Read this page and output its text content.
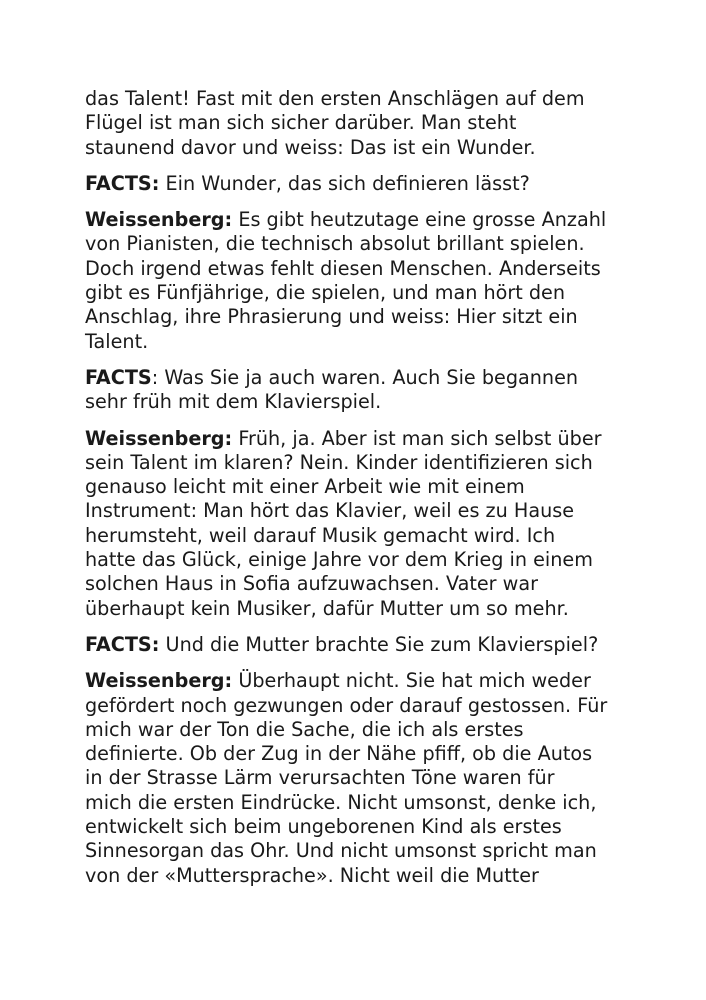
das Talent! Fast mit den ersten Anschlägen auf dem
Flügel ist man sich sicher darüber. Man steht
staunend davor und weiss: Das ist ein Wunder.

FACTS: Ein Wunder, das sich definieren lässt?

Weissenberg: Es gibt heutzutage eine grosse Anzahl
von Pianisten, die technisch absolut brillant spielen.
Doch irgend etwas fehlt diesen Menschen. Anderseits
gibt es Fünfjährige, die spielen, und man hört den
Anschlag, ihre Phrasierung und weiss: Hier sitzt ein
Talent.

FACTS: Was Sie ja auch waren. Auch Sie begannen
sehr früh mit dem Klavierspiel.

Weissenberg: Früh, ja. Aber ist man sich selbst über
sein Talent im klaren? Nein. Kinder identifizieren sich
genauso leicht mit einer Arbeit wie mit einem
Instrument: Man hört das Klavier, weil es zu Hause
herumsteht, weil darauf Musik gemacht wird. Ich
hatte das Glück, einige Jahre vor dem Krieg in einem
solchen Haus in Sofia aufzuwachsen. Vater war
überhaupt kein Musiker, dafür Mutter um so mehr.

FACTS: Und die Mutter brachte Sie zum Klavierspiel?

Weissenberg: Überhaupt nicht. Sie hat mich weder
gefördert noch gezwungen oder darauf gestossen. Für
mich war der Ton die Sache, die ich als erstes
definierte. Ob der Zug in der Nähe pfiff, ob die Autos
in der Strasse Lärm verursachten Töne waren für
mich die ersten Eindrücke. Nicht umsonst, denke ich,
entwickelt sich beim ungeborenen Kind als erstes
Sinnesorgan das Ohr. Und nicht umsonst spricht man
von der «Muttersprache». Nicht weil die Mutter
